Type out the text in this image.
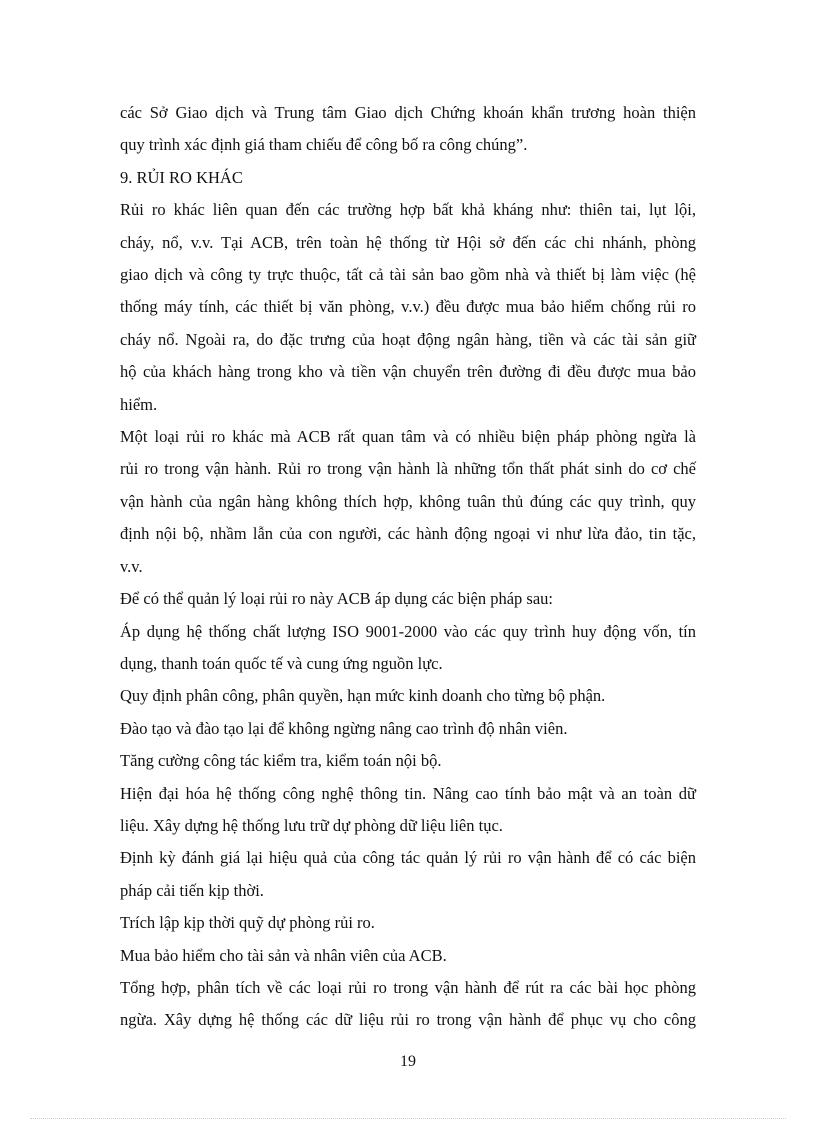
các Sở Giao dịch và Trung tâm Giao dịch Chứng khoán khẩn trương hoàn thiện
quy trình xác định giá tham chiếu để công bố ra công chúng”.
9. RỦI RO KHÁC
Rủi ro khác liên quan đến các trường hợp bất khả kháng như: thiên tai, lụt lội,
cháy, nổ, v.v. Tại ACB, trên toàn hệ thống từ Hội sở đến các chi nhánh, phòng
giao dịch và công ty trực thuộc, tất cả tài sản bao gồm nhà và thiết bị làm việc (hệ
thống máy tính, các thiết bị văn phòng, v.v.) đều được mua bảo hiểm chống rủi ro
cháy nổ. Ngoài ra, do đặc trưng của hoạt động ngân hàng, tiền và các tài sản giữ
hộ của khách hàng trong kho và tiền vận chuyển trên đường đi đều được mua bảo
hiểm.
Một loại rủi ro khác mà ACB rất quan tâm và có nhiều biện pháp phòng ngừa là
rủi ro trong vận hành. Rủi ro trong vận hành là những tổn thất phát sinh do cơ chế
vận hành của ngân hàng không thích hợp, không tuân thủ đúng các quy trình, quy
định nội bộ, nhầm lẫn của con người, các hành động ngoại vi như lừa đảo, tin tặc,
v.v.
Để có thể quản lý loại rủi ro này ACB áp dụng các biện pháp sau:
Áp dụng hệ thống chất lượng ISO 9001-2000 vào các quy trình huy động vốn, tín
dụng, thanh toán quốc tế và cung ứng nguồn lực.
Quy định phân công, phân quyền, hạn mức kinh doanh cho từng bộ phận.
Đào tạo và đào tạo lại để không ngừng nâng cao trình độ nhân viên.
Tăng cường công tác kiểm tra, kiểm toán nội bộ.
Hiện đại hóa hệ thống công nghệ thông tin. Nâng cao tính bảo mật và an toàn dữ
liệu. Xây dựng hệ thống lưu trữ dự phòng dữ liệu liên tục.
Định kỳ đánh giá lại hiệu quả của công tác quản lý rủi ro vận hành để có các biện
pháp cải tiến kịp thời.
Trích lập kịp thời quỹ dự phòng rủi ro.
Mua bảo hiểm cho tài sản và nhân viên của ACB.
Tổng hợp, phân tích về các loại rủi ro trong vận hành để rút ra các bài học phòng
ngừa. Xây dựng hệ thống các dữ liệu rủi ro trong vận hành để phục vụ cho công
19
